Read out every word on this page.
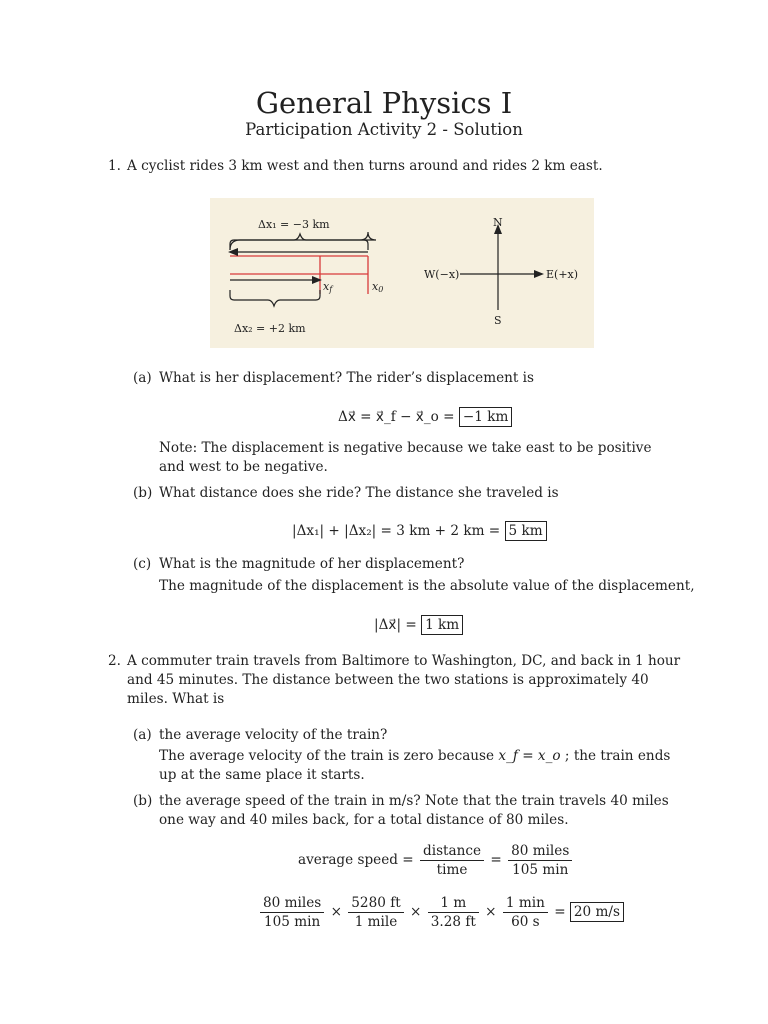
General Physics I
Participation Activity 2 - Solution
1. A cyclist rides 3 km west and then turns around and rides 2 km east.
Δx₁ = −3 km
Δx₂ = +2 km
xf	x0
N
S
W(−x)	E(+x)
(a) What is her displacement? The rider’s displacement is
Δx⃗ = x⃗_f − x⃗_o = −1 km
Note: The displacement is negative because we take east to be positive and west to be negative.
(b) What distance does she ride? The distance she traveled is
|Δx₁| + |Δx₂| = 3 km + 2 km = 5 km
(c) What is the magnitude of her displacement?
The magnitude of the displacement is the absolute value of the displacement,
|Δx⃗| = 1 km
2. A commuter train travels from Baltimore to Washington, DC, and back in 1 hour and 45 minutes. The distance between the two stations is approximately 40 miles. What is
(a) the average velocity of the train?
The average velocity of the train is zero because x_f = x_o ; the train ends up at the same place it starts.
(b) the average speed of the train in m/s? Note that the train travels 40 miles one way and 40 miles back, for a total distance of 80 miles.
average speed = $\frac{\text{distance}}{\text{time}} = \frac{\text{80 miles}}{105 \min}$
$\frac{\text{80 miles}}{105 \min} \times \frac{5280 ft}{\text{1 mile}} \times \frac{1 m}{3.28 ft} \times \frac{1 \min}{60 s} = 20$ m/s
